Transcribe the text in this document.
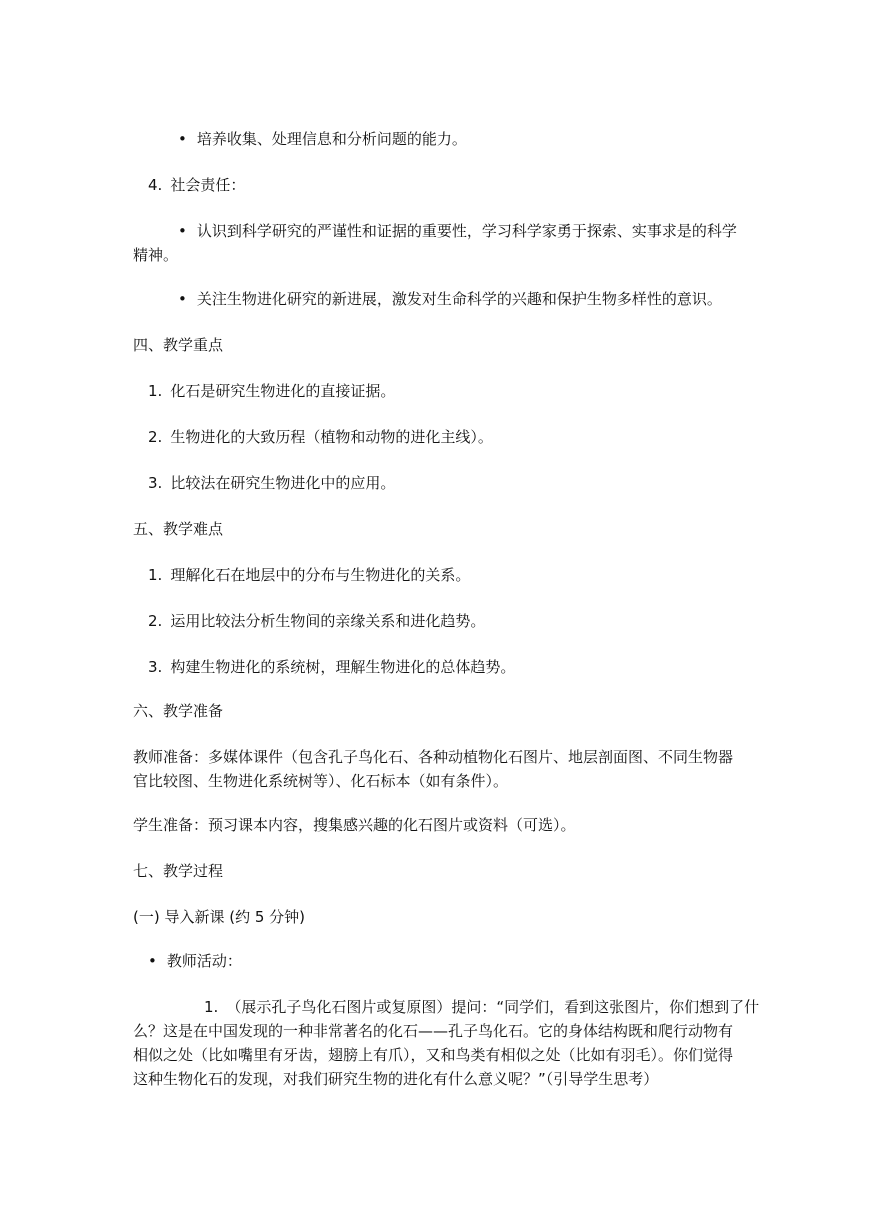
• 培养收集、处理信息和分析问题的能力。
4. 社会责任：
• 认识到科学研究的严谨性和证据的重要性，学习科学家勇于探索、实事求是的科学
精神。
• 关注生物进化研究的新进展，激发对生命科学的兴趣和保护生物多样性的意识。
四、教学重点
1. 化石是研究生物进化的直接证据。
2. 生物进化的大致历程（植物和动物的进化主线）。
3. 比较法在研究生物进化中的应用。
五、教学难点
1. 理解化石在地层中的分布与生物进化的关系。
2. 运用比较法分析生物间的亲缘关系和进化趋势。
3. 构建生物进化的系统树，理解生物进化的总体趋势。
六、教学准备
教师准备：多媒体课件（包含孔子鸟化石、各种动植物化石图片、地层剖面图、不同生物器
官比较图、生物进化系统树等）、化石标本（如有条件）。
学生准备：预习课本内容，搜集感兴趣的化石图片或资料（可选）。
七、教学过程
(一) 导入新课 (约 5 分钟)
• 教师活动：
1. （展示孔子鸟化石图片或复原图）提问：“同学们，看到这张图片，你们想到了什
么？这是在中国发现的一种非常著名的化石——孔子鸟化石。它的身体结构既和爬行动物有
相似之处（比如嘴里有牙齿，翅膀上有爪），又和鸟类有相似之处（比如有羽毛）。你们觉得
这种生物化石的发现，对我们研究生物的进化有什么意义呢？”（引导学生思考）
